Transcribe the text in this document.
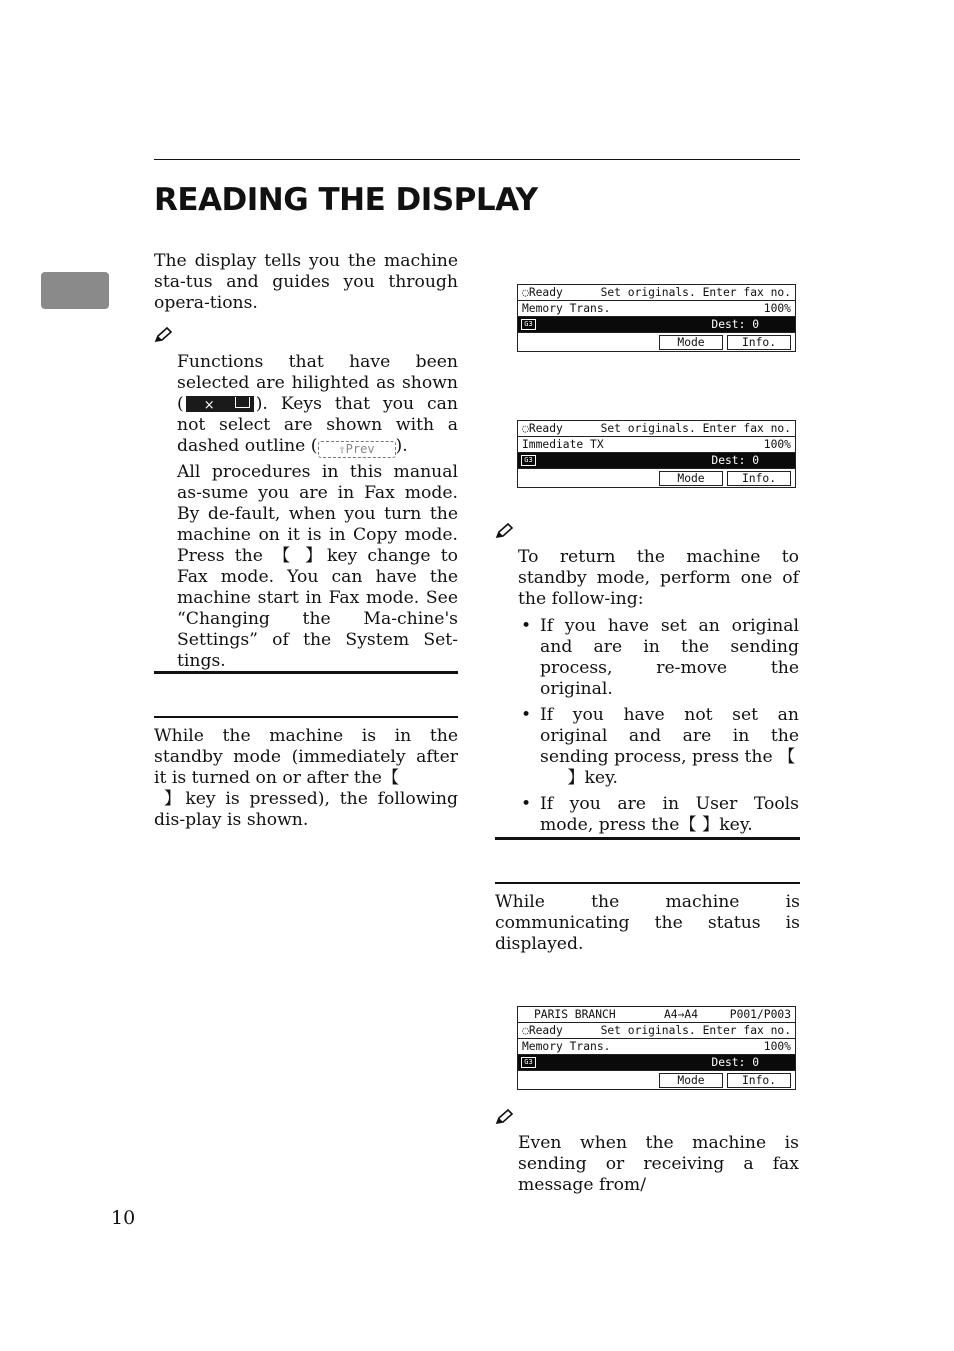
READING THE DISPLAY

The display tells you the machine sta-tus and guides you through opera-tions.

Functions that have been selected are hilighted as shown ( × ). Keys that you can not select are shown with a dashed outline ( ⇧Prev ).

All procedures in this manual as-sume you are in Fax mode. By de-fault, when you turn the machine on it is in Copy mode. Press the 【 】key change to Fax mode. You can have the machine start in Fax mode. See “Changing the Ma-chine's Settings” of the System Set-tings.

While the machine is in the standby mode (immediately after it is turned on or after the【
】key is pressed), the following dis-play is shown.

◌Ready	Set originals. Enter fax no.
Memory Trans.	100%
G3	Dest: 0
Mode	Info.
◌Ready	Set originals. Enter fax no.
Immediate TX	100%
G3	Dest: 0
Mode	Info.

To return the machine to standby mode, perform one of the follow-ing:

• If you have set an original and are in the sending process, re-move the original.
• If you have not set an original and are in the sending process, press the 【
】key.
• If you are in User Tools mode, press the【 】key.

While the machine is communicating the status is displayed.

PARIS BRANCH	A4→A4	P001/P003
◌Ready	Set originals. Enter fax no.
Memory Trans.	100%
G3	Dest: 0
Mode	Info.

Even when the machine is sending or receiving a fax message from/

10
